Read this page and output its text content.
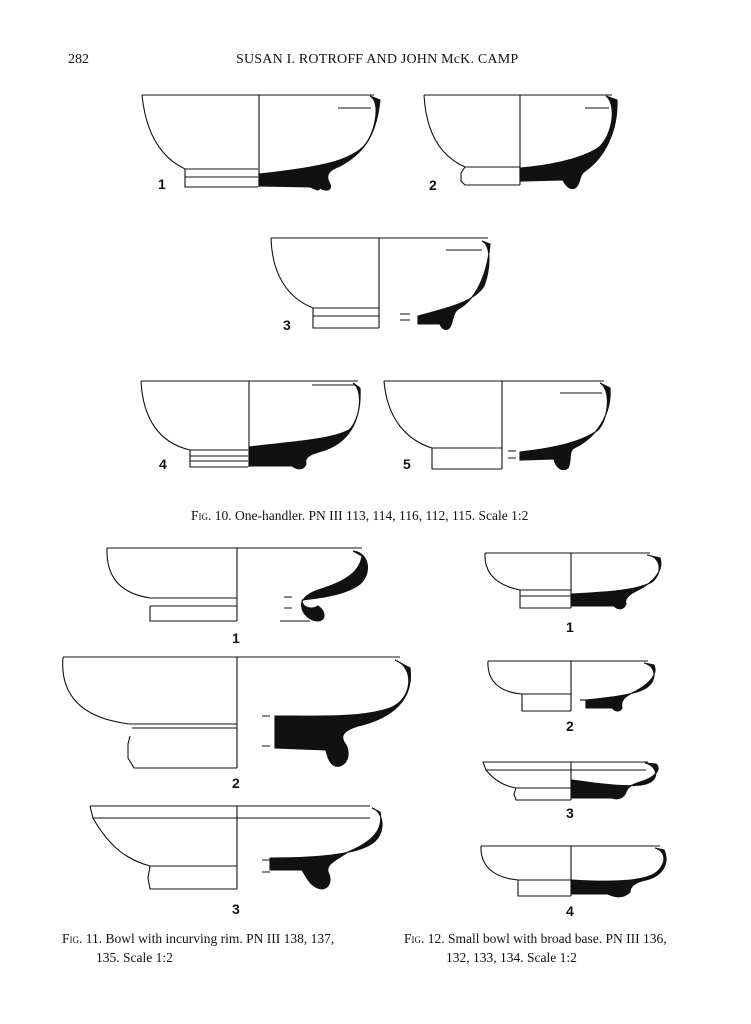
282	SUSAN I. ROTROFF AND JOHN McK. CAMP
1	2
3
4	5
Fig. 10. One-handler. PN III 113, 114, 116, 112, 115. Scale 1:2
1
2
3
1
2
3
4
Fig. 11. Bowl with incurving rim. PN III 138, 137,
135. Scale 1:2
Fig. 12. Small bowl with broad base. PN III 136,
132, 133, 134. Scale 1:2
